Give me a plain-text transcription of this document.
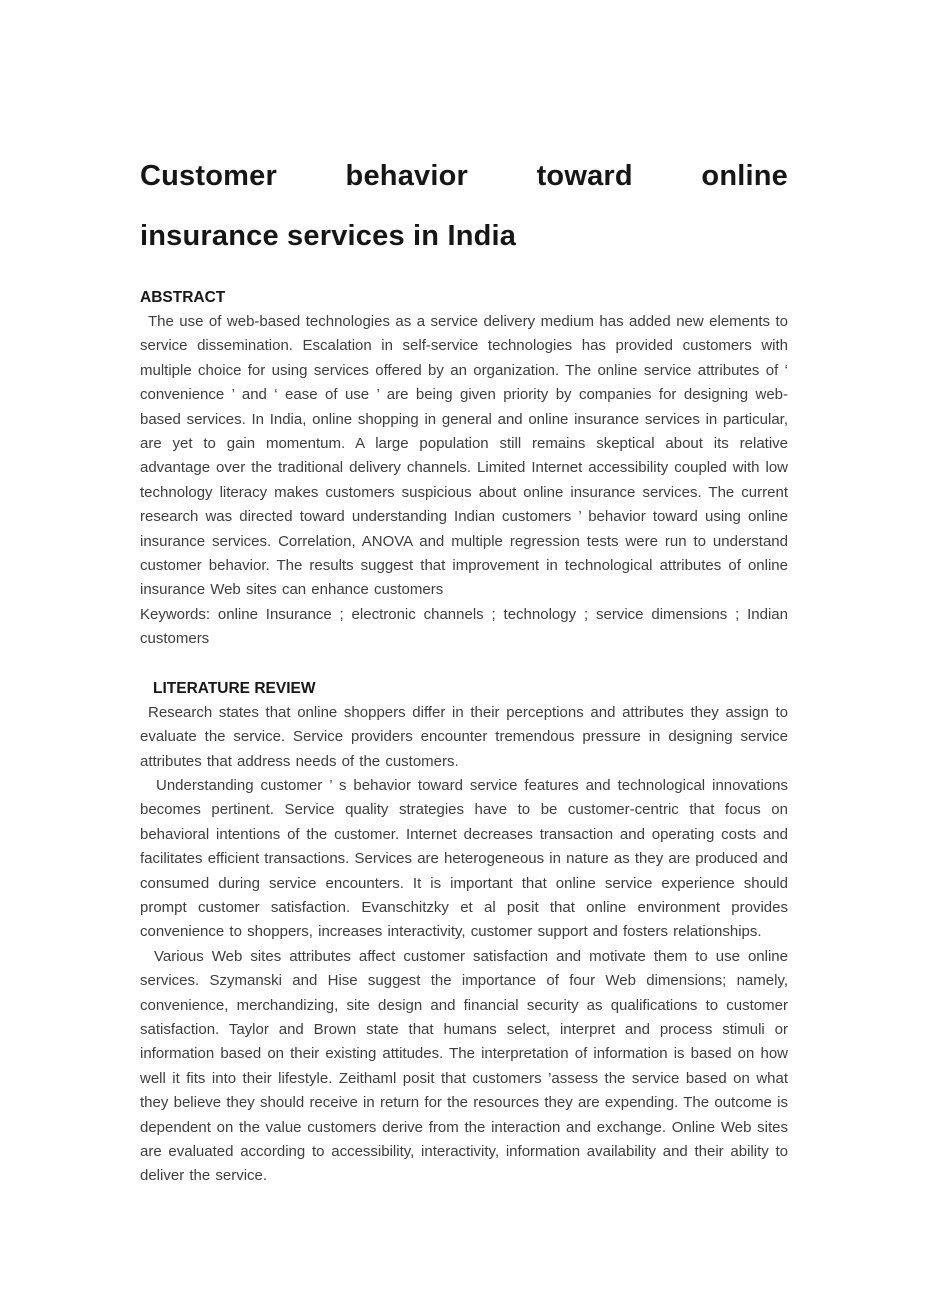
Customer behavior toward online
insurance services in India
ABSTRACT

The use of web-based technologies as a service delivery medium has added new elements to service dissemination. Escalation in self-service technologies has provided customers with multiple choice for using services offered by an organization. The online service attributes of ‘ convenience ’ and ‘ ease of use ’ are being given priority by companies for designing web-based services. In India, online shopping in general and online insurance services in particular, are yet to gain momentum. A large population still remains skeptical about its relative advantage over the traditional delivery channels. Limited Internet accessibility coupled with low technology literacy makes customers suspicious about online insurance services. The current research was directed toward understanding Indian customers ’ behavior toward using online insurance services. Correlation, ANOVA and multiple regression tests were run to understand customer behavior. The results suggest that improvement in technological attributes of online insurance Web sites can enhance customers

Keywords: online Insurance ; electronic channels ; technology ; service dimensions ; Indian customers

LITERATURE REVIEW

Research states that online shoppers differ in their perceptions and attributes they assign to evaluate the service. Service providers encounter tremendous pressure in designing service attributes that address needs of the customers.

Understanding customer ’ s behavior toward service features and technological innovations becomes pertinent. Service quality strategies have to be customer-centric that focus on behavioral intentions of the customer. Internet decreases transaction and operating costs and facilitates efficient transactions. Services are heterogeneous in nature as they are produced and consumed during service encounters. It is important that online service experience should prompt customer satisfaction. Evanschitzky et al posit that online environment provides convenience to shoppers, increases interactivity, customer support and fosters relationships.

Various Web sites attributes affect customer satisfaction and motivate them to use online services. Szymanski and Hise suggest the importance of four Web dimensions; namely, convenience, merchandizing, site design and financial security as qualifications to customer satisfaction. Taylor and Brown state that humans select, interpret and process stimuli or information based on their existing attitudes. The interpretation of information is based on how well it fits into their lifestyle. Zeithaml posit that customers ’assess the service based on what they believe they should receive in return for the resources they are expending. The outcome is dependent on the value customers derive from the interaction and exchange. Online Web sites are evaluated according to accessibility, interactivity, information availability and their ability to deliver the service.
